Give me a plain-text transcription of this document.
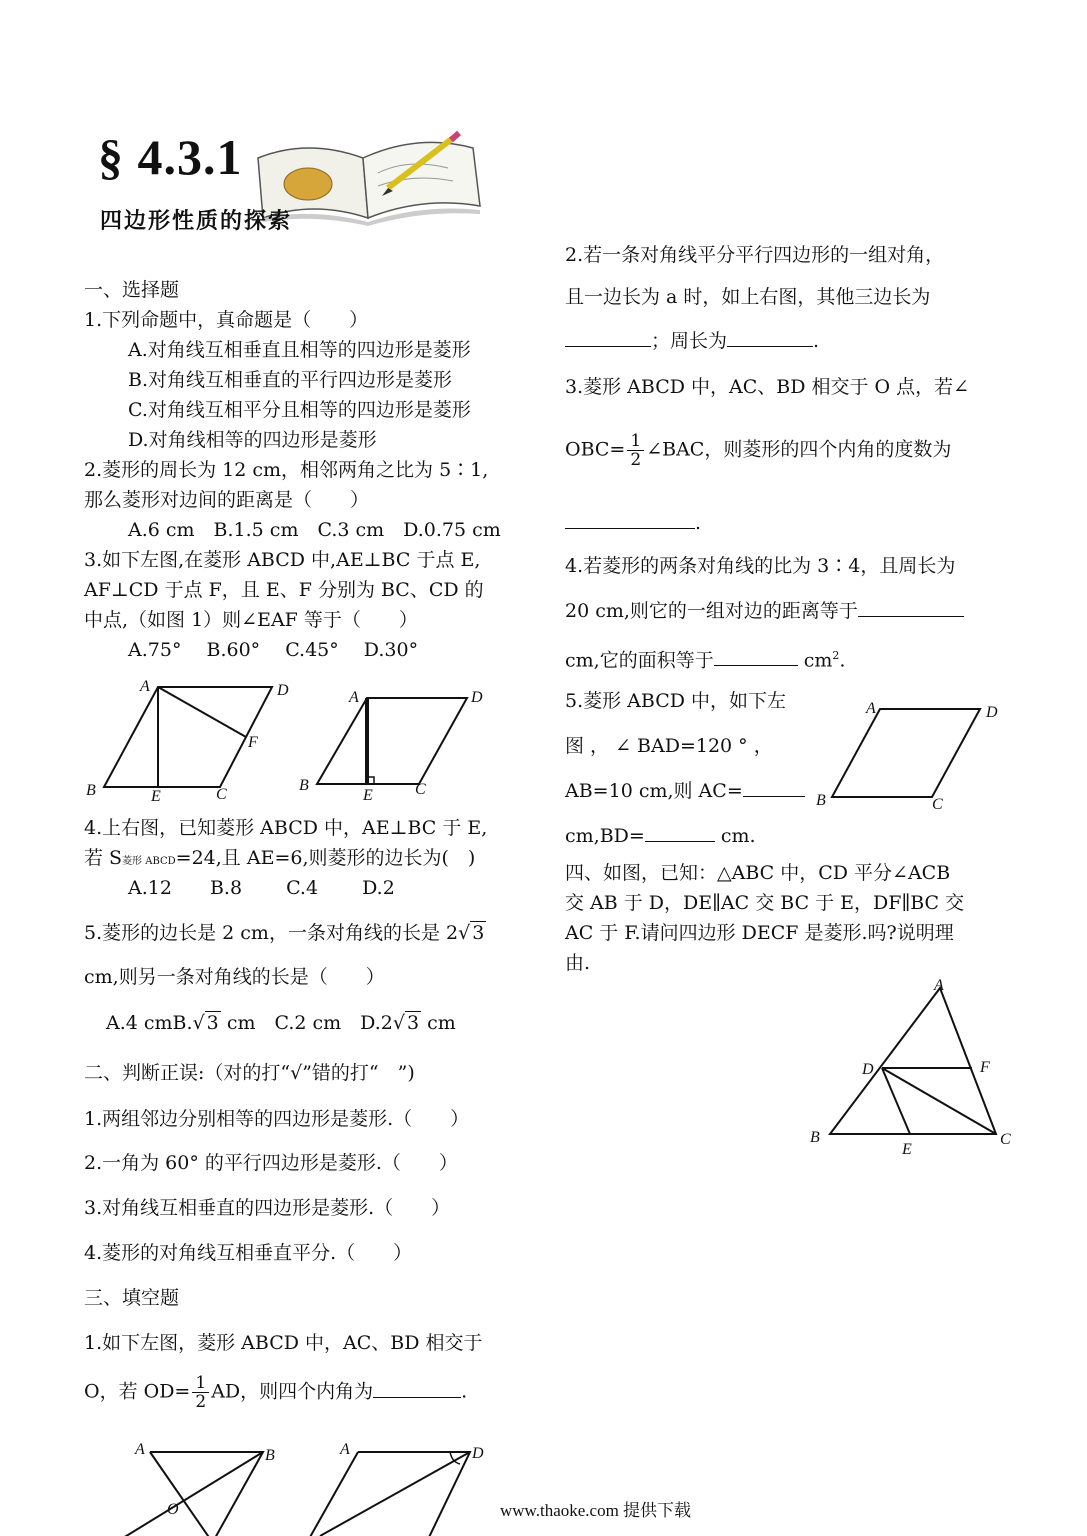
§ 4.3.1
四边形性质的探索
一、选择题
1.下列命题中，真命题是（　　）
A.对角线互相垂直且相等的四边形是菱形
B.对角线互相垂直的平行四边形是菱形
C.对角线互相平分且相等的四边形是菱形
D.对角线相等的四边形是菱形
2.菱形的周长为 12 cm，相邻两角之比为 5∶1,
那么菱形对边间的距离是（　　）
A.6 cm　B.1.5 cm　C.3 cm　D.0.75 cm
3.如下左图,在菱形 ABCD 中,AE⊥BC 于点 E,
AF⊥CD 于点 F，且 E、F 分别为 BC、CD 的
中点,（如图 1）则∠EAF 等于（　　）
A.75°　 B.60°　 C.45°　 D.30°
A	D
F
B	E	C
A	D
B
E	C
4.上右图，已知菱形 ABCD 中，AE⊥BC 于 E,
若 S菱形 ABCD=24,且 AE=6,则菱形的边长为(　)
A.12　　B.8　　 C.4　　 D.2
5.菱形的边长是 2 cm，一条对角线的长是 2√ 3
cm,则另一条对角线的长是（　　）
A.4 cmB.√ 3 cm　C.2 cm　D.2√ 3 cm
二、判断正误:（对的打“√”错的打“　”)
1.两组邻边分别相等的四边形是菱形.（　　）
2.一角为 60° 的平行四边形是菱形.（　　）
3.对角线互相垂直的四边形是菱形.（　　）
4.菱形的对角线互相垂直平分.（　　）
三、填空题
1.如下左图，菱形 ABCD 中，AC、BD 相交于
O，若 $OD= \frac{1}{2}$ AD，则四个内角为	.
A	B
O
A	D
2.若一条对角线平分平行四边形的一组对角，
且一边长为 a 时，如上右图，其他三边长为
；周长为	.
3.菱形 ABCD 中，AC、BD 相交于 O 点，若∠
$OBC= \frac{1}{2}$ ∠BAC，则菱形的四个内角的度数为
.
4.若菱形的两条对角线的比为 3∶4，且周长为
20 cm,则它的一组对边的距离等于
cm,它的面积等于	$cm^2$.
5.菱形 ABCD 中，如下左
图 ， ∠ BAD=120 ° ，
AB=10 cm,则 AC=
cm,BD=	cm.
A	D
B	C
四、如图，已知：△ABC 中，CD 平分∠ACB
交 AB 于 D，DE∥AC 交 BC 于 E，DF∥BC 交
AC 于 F.请问四边形 DECF 是菱形.吗?说明理
由.
A
D	F
B
E
C
www.thaoke.com 提供下载
